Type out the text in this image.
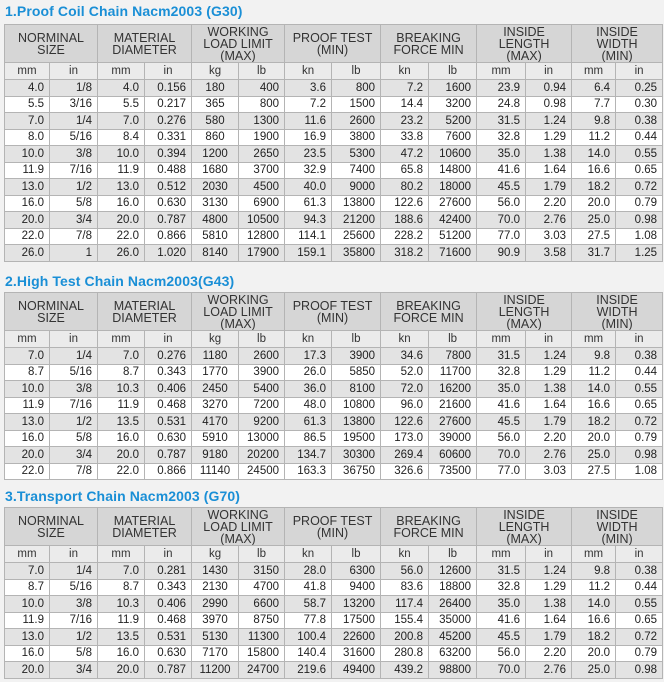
1.Proof Coil Chain Nacm2003 (G30)
NORMINAL
SIZE		MATERIAL
DIAMETER		WORKING
LOAD LIMIT
(MAX)		PROOF TEST
(MIN)		BREAKING
FORCE MIN		INSIDE
LENGTH
(MAX)		INSIDE
WIDTH
(MIN)	
mm	in	mm	in	kg	lb	kn	lb	kn	lb	mm	in	mm	in
4.0	1/8	4.0	0.156	180	400	3.6	800	7.2	1600	23.9	0.94	6.4	0.25
5.5	3/16	5.5	0.217	365	800	7.2	1500	14.4	3200	24.8	0.98	7.7	0.30
7.0	1/4	7.0	0.276	580	1300	11.6	2600	23.2	5200	31.5	1.24	9.8	0.38
8.0	5/16	8.4	0.331	860	1900	16.9	3800	33.8	7600	32.8	1.29	11.2	0.44
10.0	3/8	10.0	0.394	1200	2650	23.5	5300	47.2	10600	35.0	1.38	14.0	0.55
11.9	7/16	11.9	0.488	1680	3700	32.9	7400	65.8	14800	41.6	1.64	16.6	0.65
13.0	1/2	13.0	0.512	2030	4500	40.0	9000	80.2	18000	45.5	1.79	18.2	0.72
16.0	5/8	16.0	0.630	3130	6900	61.3	13800	122.6	27600	56.0	2.20	20.0	0.79
20.0	3/4	20.0	0.787	4800	10500	94.3	21200	188.6	42400	70.0	2.76	25.0	0.98
22.0	7/8	22.0	0.866	5810	12800	114.1	25600	228.2	51200	77.0	3.03	27.5	1.08
26.0	1	26.0	1.020	8140	17900	159.1	35800	318.2	71600	90.9	3.58	31.7	1.25
2.High Test Chain Nacm2003(G43)
NORMINAL
SIZE		MATERIAL
DIAMETER		WORKING
LOAD LIMIT
(MAX)		PROOF TEST
(MIN)		BREAKING
FORCE MIN		INSIDE
LENGTH
(MAX)		INSIDE
WIDTH
(MIN)	
mm	in	mm	in	kg	lb	kn	lb	kn	lb	mm	in	mm	in
7.0	1/4	7.0	0.276	1180	2600	17.3	3900	34.6	7800	31.5	1.24	9.8	0.38
8.7	5/16	8.7	0.343	1770	3900	26.0	5850	52.0	11700	32.8	1.29	11.2	0.44
10.0	3/8	10.3	0.406	2450	5400	36.0	8100	72.0	16200	35.0	1.38	14.0	0.55
11.9	7/16	11.9	0.468	3270	7200	48.0	10800	96.0	21600	41.6	1.64	16.6	0.65
13.0	1/2	13.5	0.531	4170	9200	61.3	13800	122.6	27600	45.5	1.79	18.2	0.72
16.0	5/8	16.0	0.630	5910	13000	86.5	19500	173.0	39000	56.0	2.20	20.0	0.79
20.0	3/4	20.0	0.787	9180	20200	134.7	30300	269.4	60600	70.0	2.76	25.0	0.98
22.0	7/8	22.0	0.866	11140	24500	163.3	36750	326.6	73500	77.0	3.03	27.5	1.08
3.Transport Chain Nacm2003 (G70)
NORMINAL
SIZE		MATERIAL
DIAMETER		WORKING
LOAD LIMIT
(MAX)		PROOF TEST
(MIN)		BREAKING
FORCE MIN		INSIDE
LENGTH
(MAX)		INSIDE
WIDTH
(MIN)	
mm	in	mm	in	kg	lb	kn	lb	kn	lb	mm	in	mm	in
7.0	1/4	7.0	0.281	1430	3150	28.0	6300	56.0	12600	31.5	1.24	9.8	0.38
8.7	5/16	8.7	0.343	2130	4700	41.8	9400	83.6	18800	32.8	1.29	11.2	0.44
10.0	3/8	10.3	0.406	2990	6600	58.7	13200	117.4	26400	35.0	1.38	14.0	0.55
11.9	7/16	11.9	0.468	3970	8750	77.8	17500	155.4	35000	41.6	1.64	16.6	0.65
13.0	1/2	13.5	0.531	5130	11300	100.4	22600	200.8	45200	45.5	1.79	18.2	0.72
16.0	5/8	16.0	0.630	7170	15800	140.4	31600	280.8	63200	56.0	2.20	20.0	0.79
20.0	3/4	20.0	0.787	11200	24700	219.6	49400	439.2	98800	70.0	2.76	25.0	0.98
